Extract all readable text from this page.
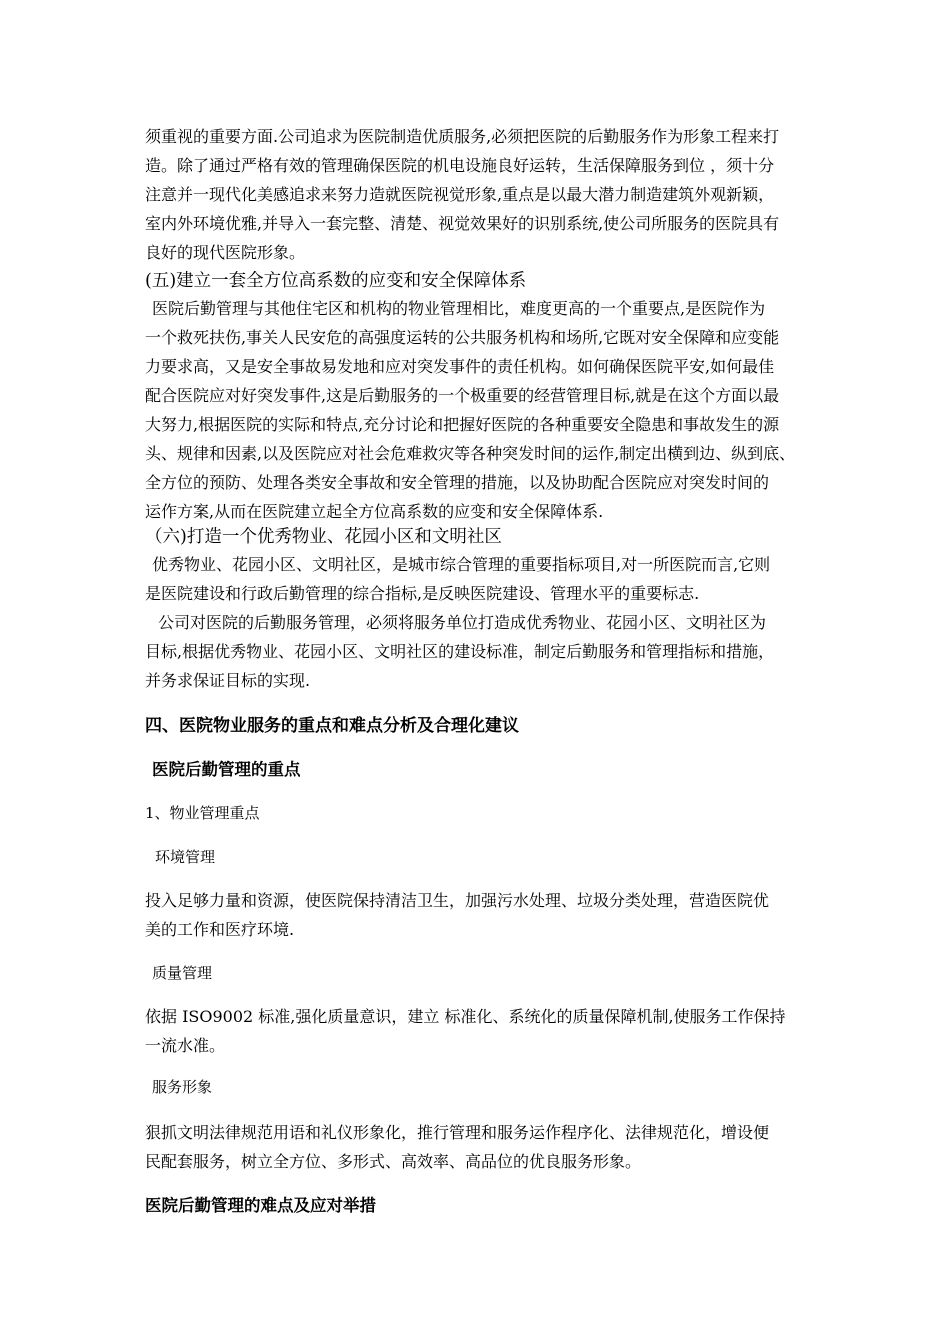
须重视的重要方面.公司追求为医院制造优质服务,必须把医院的后勤服务作为形象工程来打
造。除了通过严格有效的管理确保医院的机电设施良好运转，生活保障服务到位 ，须十分
注意并一现代化美感追求来努力造就医院视觉形象,重点是以最大潜力制造建筑外观新颖，
室内外环境优雅,并导入一套完整、清楚、视觉效果好的识别系统,使公司所服务的医院具有
良好的现代医院形象。
(五)建立一套全方位高系数的应变和安全保障体系
医院后勤管理与其他住宅区和机构的物业管理相比，难度更高的一个重要点,是医院作为
一个救死扶伤,事关人民安危的高强度运转的公共服务机构和场所,它既对安全保障和应变能
力要求高，又是安全事故易发地和应对突发事件的责任机构。如何确保医院平安,如何最佳
配合医院应对好突发事件,这是后勤服务的一个极重要的经营管理目标,就是在这个方面以最
大努力,根据医院的实际和特点,充分讨论和把握好医院的各种重要安全隐患和事故发生的源
头、规律和因素,以及医院应对社会危难救灾等各种突发时间的运作,制定出横到边、纵到底、
全方位的预防、处理各类安全事故和安全管理的措施，以及协助配合医院应对突发时间的
运作方案,从而在医院建立起全方位高系数的应变和安全保障体系.
（六)打造一个优秀物业、花园小区和文明社区
优秀物业、花园小区、文明社区，是城市综合管理的重要指标项目,对一所医院而言,它则
是医院建设和行政后勤管理的综合指标,是反映医院建设、管理水平的重要标志.
公司对医院的后勤服务管理，必须将服务单位打造成优秀物业、花园小区、文明社区为
目标,根据优秀物业、花园小区、文明社区的建设标准，制定后勤服务和管理指标和措施，
并务求保证目标的实现.
四、医院物业服务的重点和难点分析及合理化建议
医院后勤管理的重点
1、物业管理重点
环境管理
投入足够力量和资源，使医院保持清洁卫生，加强污水处理、垃圾分类处理，营造医院优
美的工作和医疗环境.
质量管理
依据 ISO9002 标准,强化质量意识，建立 标准化、系统化的质量保障机制,使服务工作保持
一流水准。
服务形象
狠抓文明法律规范用语和礼仪形象化，推行管理和服务运作程序化、法律规范化，增设便
民配套服务，树立全方位、多形式、高效率、高品位的优良服务形象。
医院后勤管理的难点及应对举措
